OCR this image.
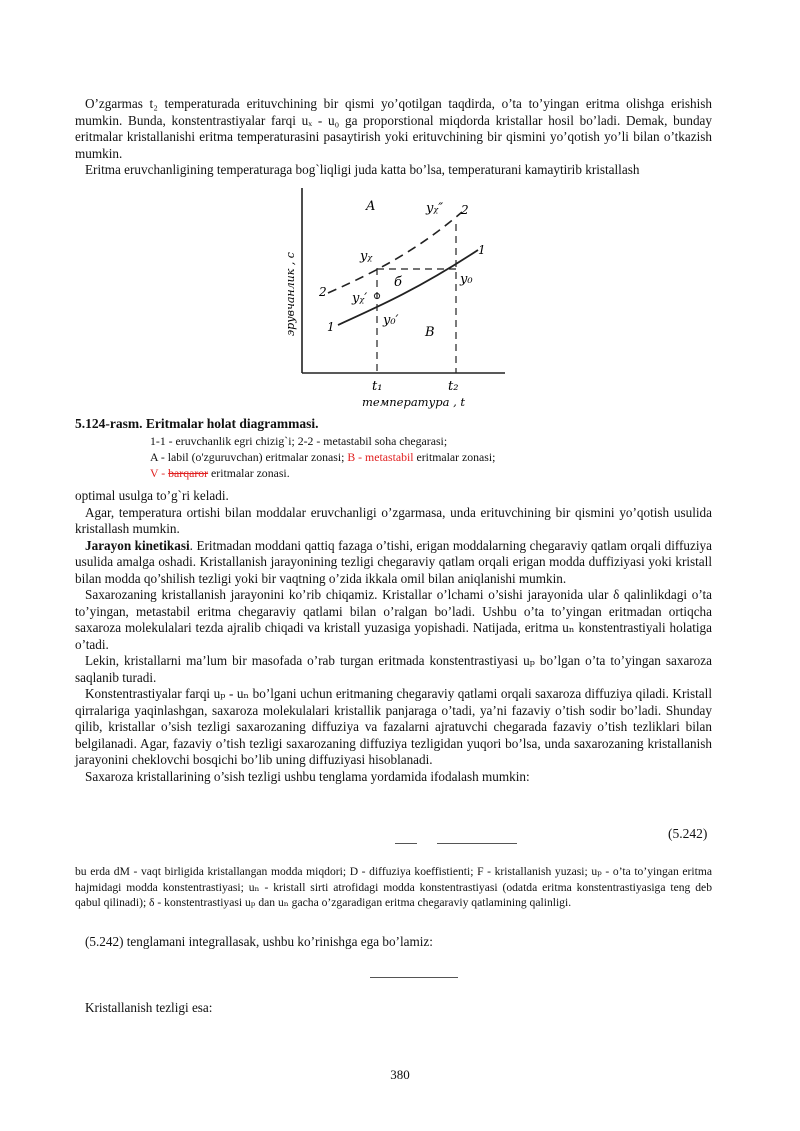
O’zgarmas t₂ temperaturada erituvchining bir qismi yo’qotilgan taqdirda, o’ta to’yingan eritma olishga erishish mumkin. Bunda, konstentrastiyalar farqi uₓ - u₀ ga proporstional miqdorda kristallar hosil bo’ladi. Demak, bunday eritmalar kristallanishi eritma temperaturasini pasaytirish yoki erituvchining bir qismini yo’qotish yo’li bilan o’tkazish mumkin.

Eritma eruvchanligining temperaturaga bog`liqligi juda katta bo’lsa, temperaturani kamaytirib kristallash

A	yᵪ″ 2
yᵪ
б
1
y₀
2 yᵪ′
y₀′
1	B
t₁	t₂
температура , t
эрувчанлик , с
5.124-rasm. Eritmalar holat diagrammasi.
1-1 - eruvchanlik egri chizig`i; 2-2 - metastabil soha chegarasi;
A - labil (o'zguruvchan) eritmalar zonasi; B - metastabil eritmalar zonasi;
V - barqaror eritmalar zonasi.

optimal usulga to’g`ri keladi.

Agar, temperatura ortishi bilan moddalar eruvchanligi o’zgarmasa, unda erituvchining bir qismini yo’qotish usulida kristallash mumkin.

Jarayon kinetikasi. Eritmadan moddani qattiq fazaga o’tishi, erigan moddalarning chegaraviy qatlam orqali diffuziya usulida amalga oshadi. Kristallanish jarayonining tezligi chegaraviy qatlam orqali erigan modda duffiziyasi yoki kristall bilan modda qo’shilish tezligi yoki bir vaqtning o’zida ikkala omil bilan aniqlanishi mumkin.

Saxarozaning kristallanish jarayonini ko’rib chiqamiz. Kristallar o’lchami o’sishi jarayonida ular δ qalinlikdagi o’ta to’yingan, metastabil eritma chegaraviy qatlami bilan o’ralgan bo’ladi. Ushbu o’ta to’yingan eritmadan ortiqcha saxaroza molekulalari tezda ajralib chiqadi va kristall yuzasiga yopishadi. Natijada, eritma uₙ konstentrastiyali holatiga o’tadi.

Lekin, kristallarni ma’lum bir masofada o’rab turgan eritmada konstentrastiyasi uₚ bo’lgan o’ta to’yingan saxaroza saqlanib turadi.

Konstentrastiyalar farqi uₚ - uₙ bo’lgani uchun eritmaning chegaraviy qatlami orqali saxaroza diffuziya qiladi. Kristall qirralariga yaqinlashgan, saxaroza molekulalari kristallik panjaraga o’tadi, ya’ni fazaviy o’tish sodir bo’ladi. Shunday qilib, kristallar o’sish tezligi saxarozaning diffuziya va fazalarni ajratuvchi chegarada fazaviy o’tish tezliklari bilan belgilanadi. Agar, fazaviy o’tish tezligi saxarozaning diffuziya tezligidan yuqori bo’lsa, unda saxarozaning kristallanish jarayonini cheklovchi bosqichi bo’lib uning diffuziyasi hisoblanadi.

Saxaroza kristallarining o’sish tezligi ushbu tenglama yordamida ifodalash mumkin:

(5.242)
bu erda dM - vaqt birligida kristallangan modda miqdori; D - diffuziya koeffistienti; F - kristallanish yuzasi; uₚ - o’ta to’yingan eritma hajmidagi modda konstentrastiyasi; uₙ - kristall sirti atrofidagi modda konstentrastiyasi (odatda eritma konstentrastiyasiga teng deb qabul qilinadi); δ - konstentrastiyasi uₚ dan uₙ gacha o’zgaradigan eritma chegaraviy qatlamining qalinligi.

(5.242) tenglamani integrallasak, ushbu ko’rinishga ega bo’lamiz:

Kristallanish tezligi esa:

380
